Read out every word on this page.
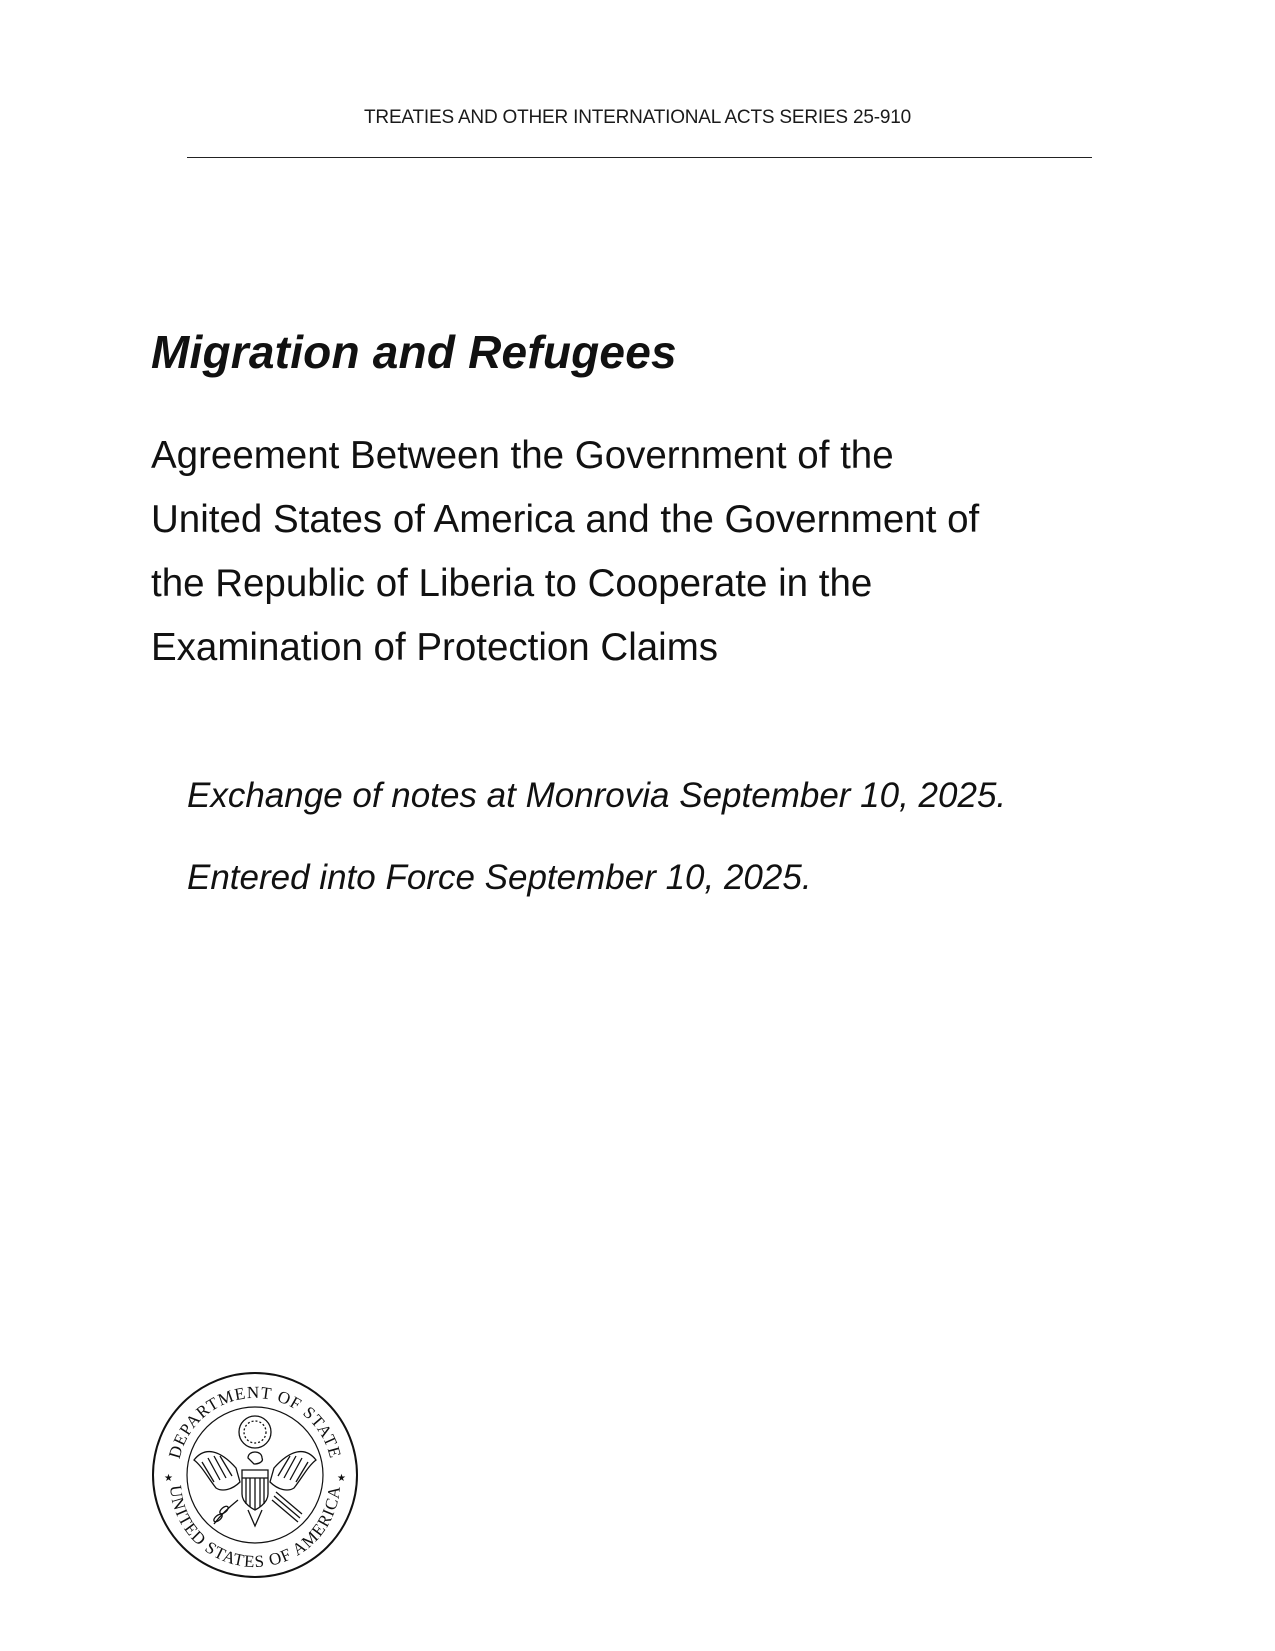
TREATIES AND OTHER INTERNATIONAL ACTS SERIES 25-910
Migration and Refugees
Agreement Between the Government of the
United States of America and the Government of
the Republic of Liberia to Cooperate in the
Examination of Protection Claims

Exchange of notes at Monrovia September 10, 2025.

Entered into Force September 10, 2025.

DEPARTMENT OF STATE
UNITED STATES OF AMERICA
★	★
